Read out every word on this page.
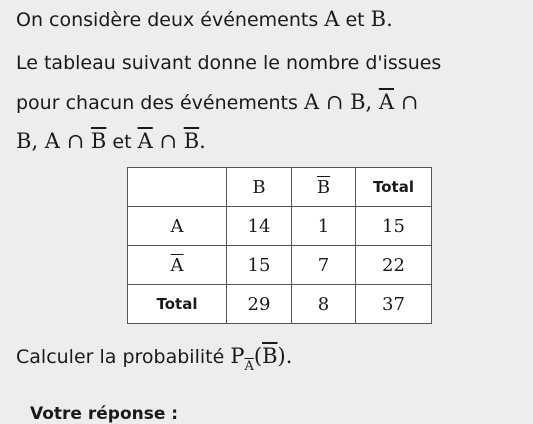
On considère deux événements A et B.
Le tableau suivant donne le nombre d'issues
pour chacun des événements A ∩ B, $\overline{A}$ ∩
B, A ∩ $\overline{B}$ et $\overline{A}$ ∩ $\overline{B}$.
	B	$\overline{B}$	Total
A	14	1	15
$\overline{A}$	15	7	22
Total	29	8	37
Calculer la probabilité $P_{\overline{A}}(\overline{B})$.
Votre réponse :
